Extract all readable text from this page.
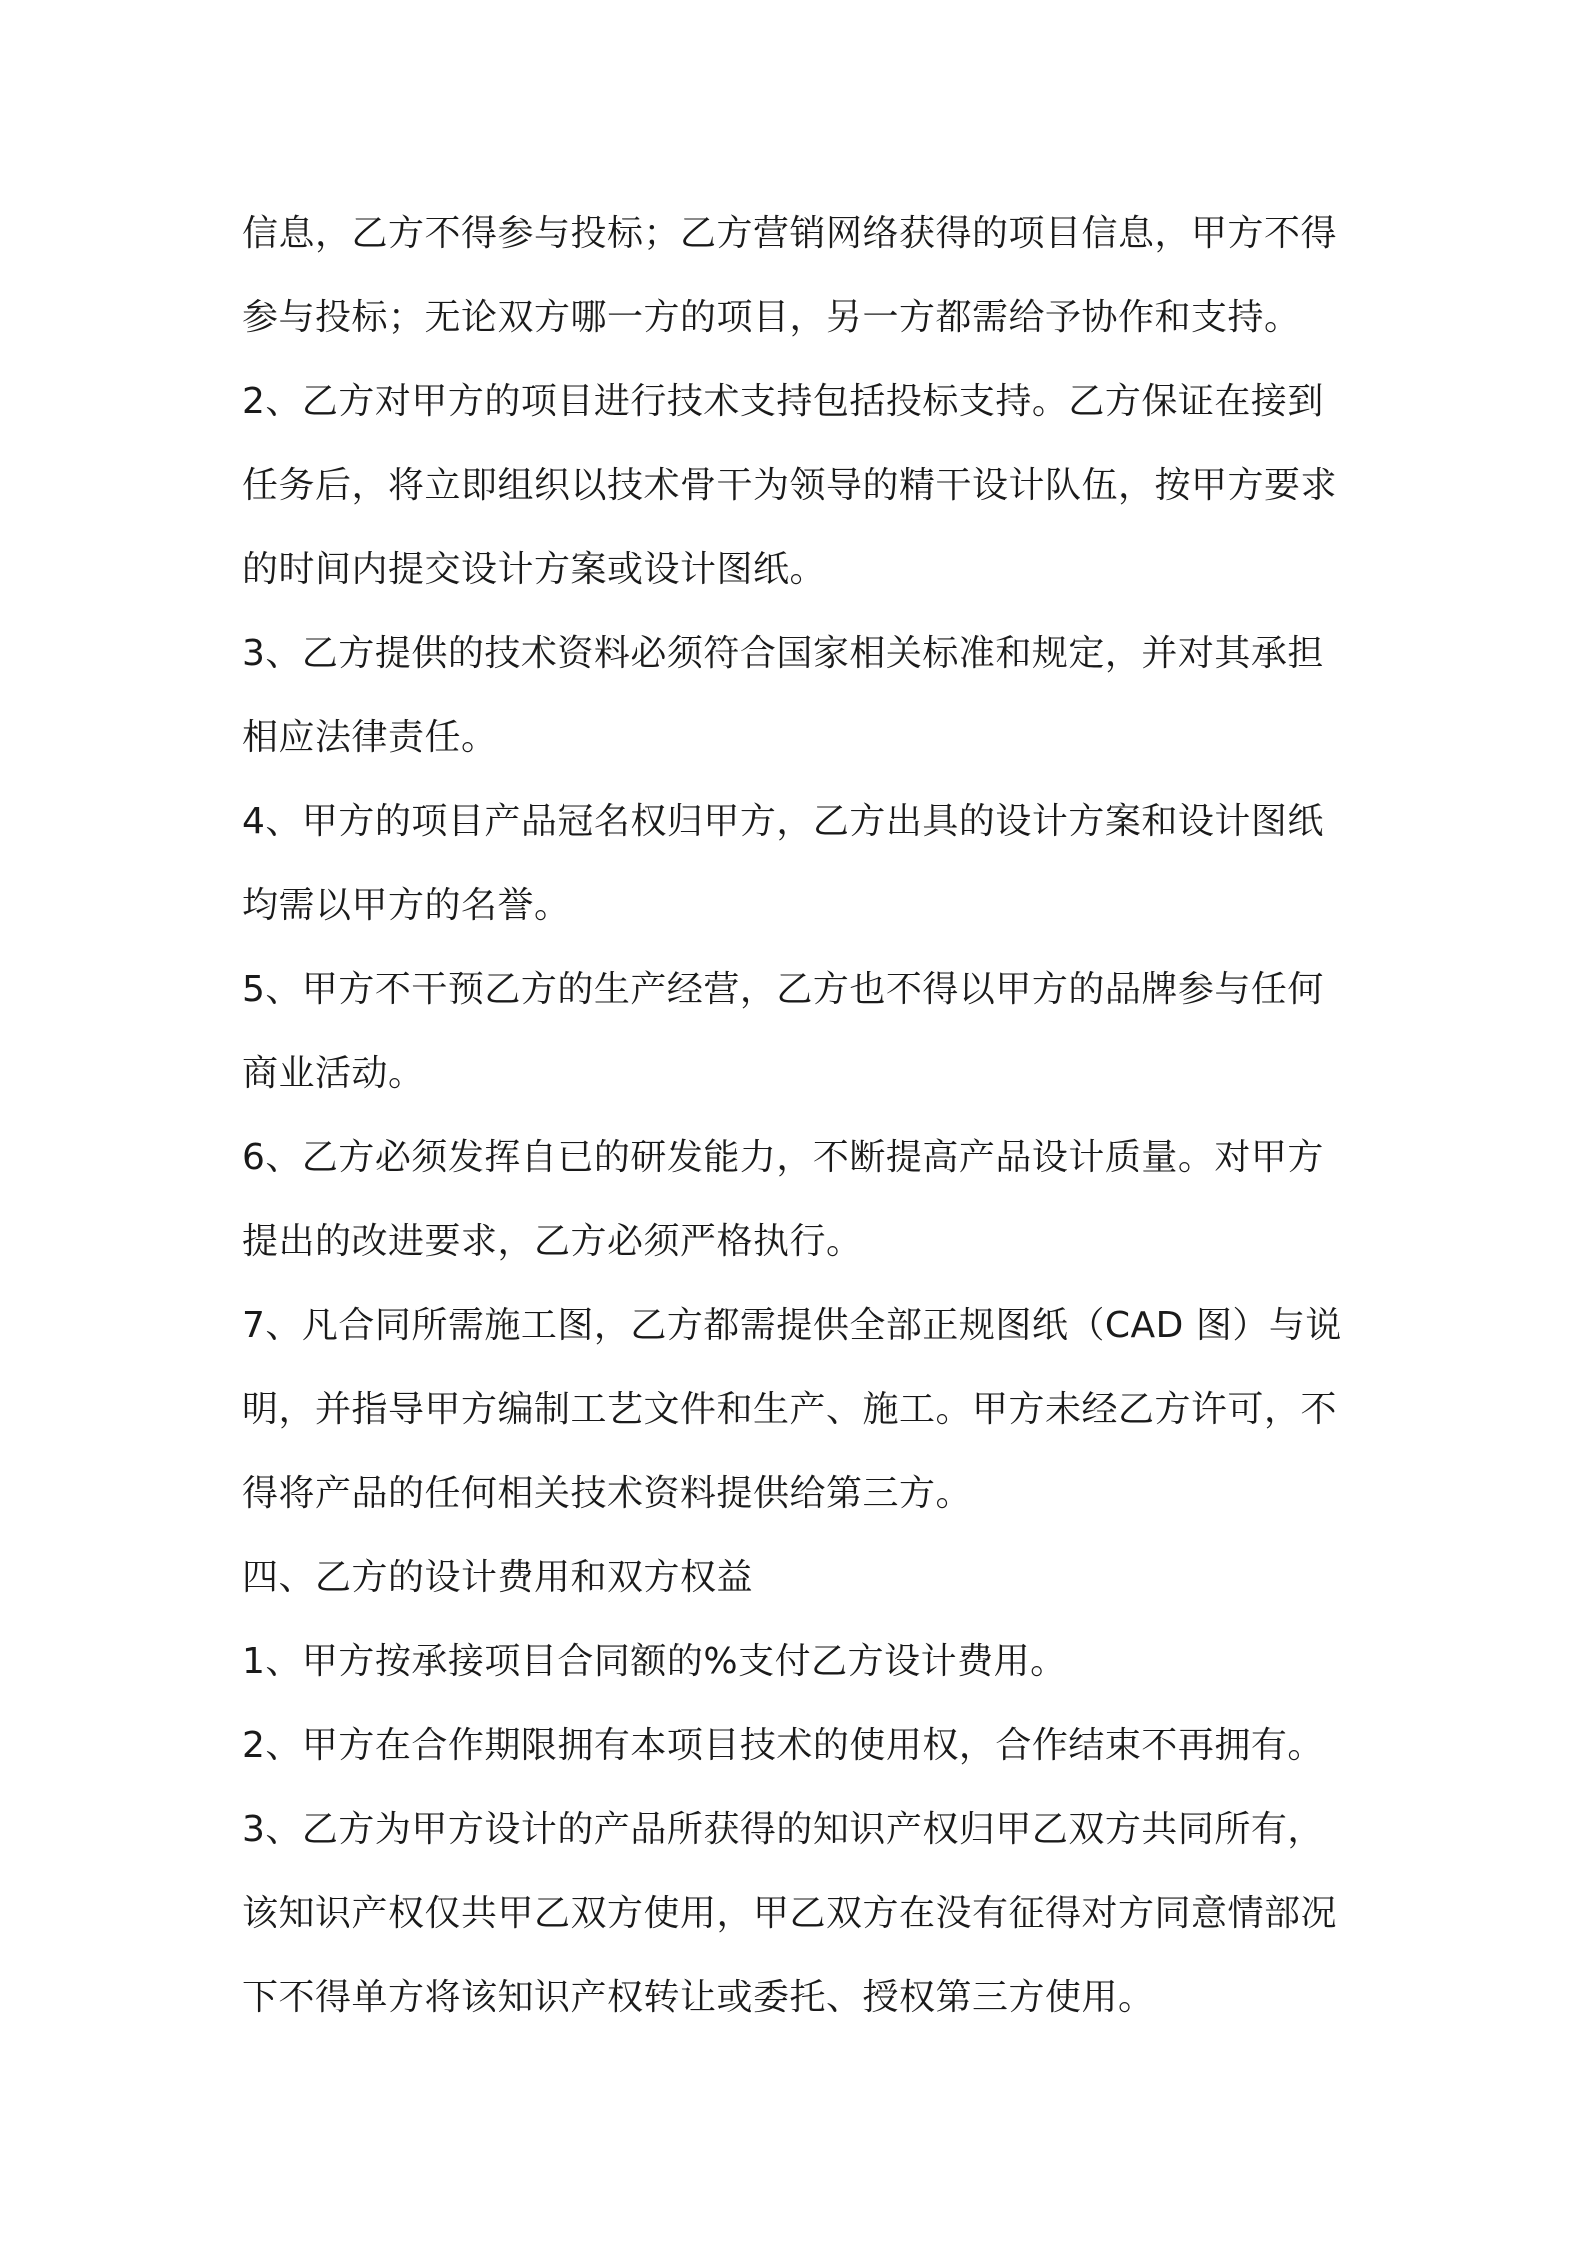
信息，乙方不得参与投标；乙方营销网络获得的项目信息，甲方不得
参与投标；无论双方哪一方的项目，另一方都需给予协作和支持。
2、乙方对甲方的项目进行技术支持包括投标支持。乙方保证在接到
任务后，将立即组织以技术骨干为领导的精干设计队伍，按甲方要求
的时间内提交设计方案或设计图纸。
3、乙方提供的技术资料必须符合国家相关标准和规定，并对其承担
相应法律责任。
4、甲方的项目产品冠名权归甲方，乙方出具的设计方案和设计图纸
均需以甲方的名誉。
5、甲方不干预乙方的生产经营，乙方也不得以甲方的品牌参与任何
商业活动。
6、乙方必须发挥自已的研发能力，不断提高产品设计质量。对甲方
提出的改进要求，乙方必须严格执行。
7、凡合同所需施工图，乙方都需提供全部正规图纸（CAD 图）与说
明，并指导甲方编制工艺文件和生产、施工。甲方未经乙方许可，不
得将产品的任何相关技术资料提供给第三方。
四、乙方的设计费用和双方权益
1、甲方按承接项目合同额的%支付乙方设计费用。
2、甲方在合作期限拥有本项目技术的使用权，合作结束不再拥有。
3、乙方为甲方设计的产品所获得的知识产权归甲乙双方共同所有，
该知识产权仅共甲乙双方使用，甲乙双方在没有征得对方同意情部况
下不得单方将该知识产权转让或委托、授权第三方使用。
